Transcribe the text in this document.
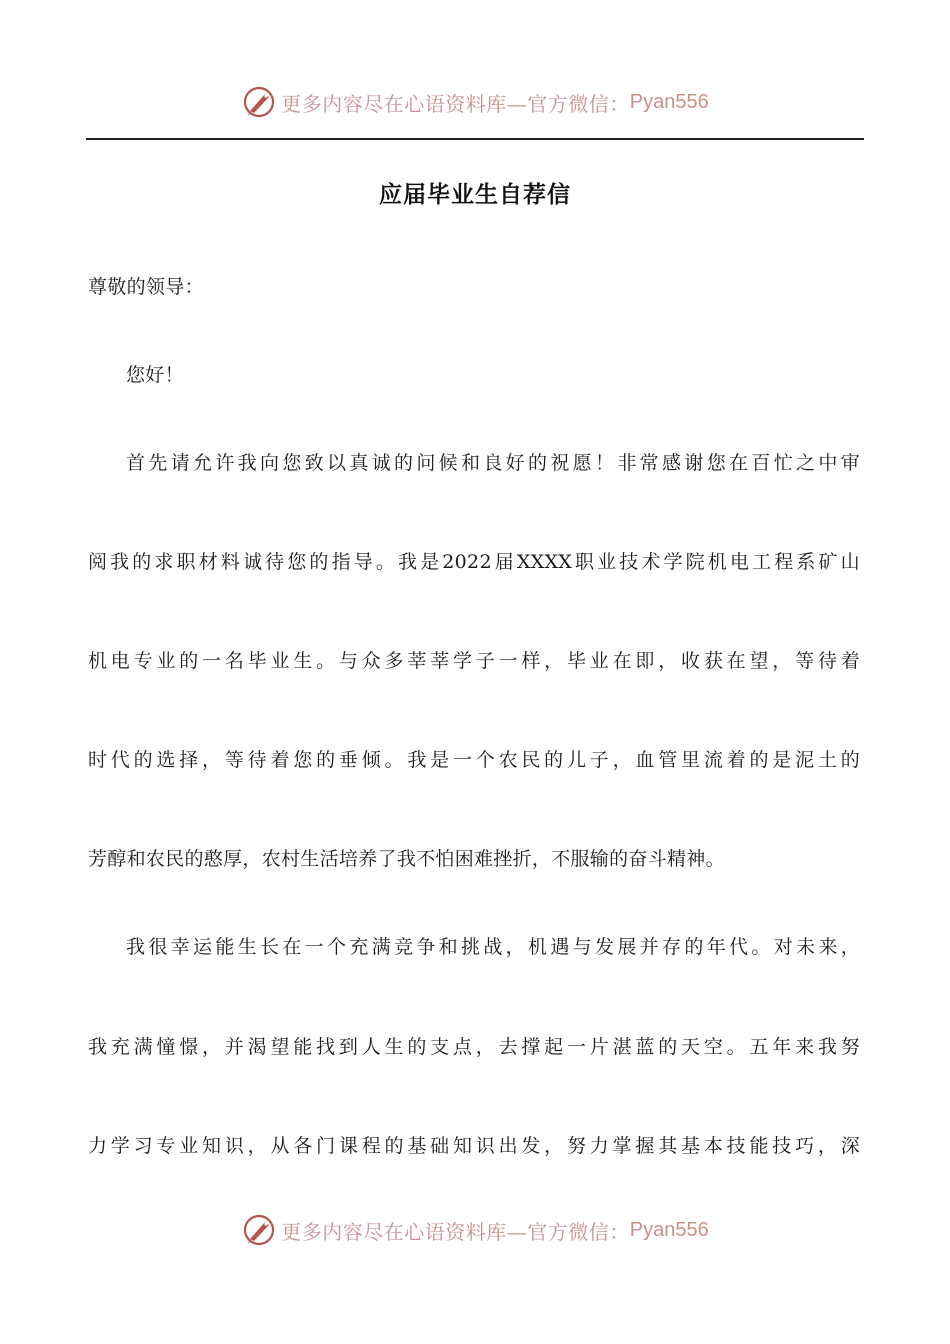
更多内容尽在心语资料库—官方微信： Pyan556
应届毕业生自荐信
尊敬的领导：
您好！
首先请允许我向您致以真诚的问候和良好的祝愿！非常感谢您在百忙之中审
阅我的求职材料诚待您的指导。我是2022届XXXX职业技术学院机电工程系矿山
机电专业的一名毕业生。与众多莘莘学子一样，毕业在即，收获在望，等待着
时代的选择，等待着您的垂倾。我是一个农民的儿子，血管里流着的是泥土的
芳醇和农民的憨厚，农村生活培养了我不怕困难挫折，不服输的奋斗精神。
我很幸运能生长在一个充满竞争和挑战，机遇与发展并存的年代。对未来，
我充满憧憬，并渴望能找到人生的支点，去撑起一片湛蓝的天空。五年来我努
力学习专业知识，从各门课程的基础知识出发，努力掌握其基本技能技巧，深
更多内容尽在心语资料库—官方微信： Pyan556
